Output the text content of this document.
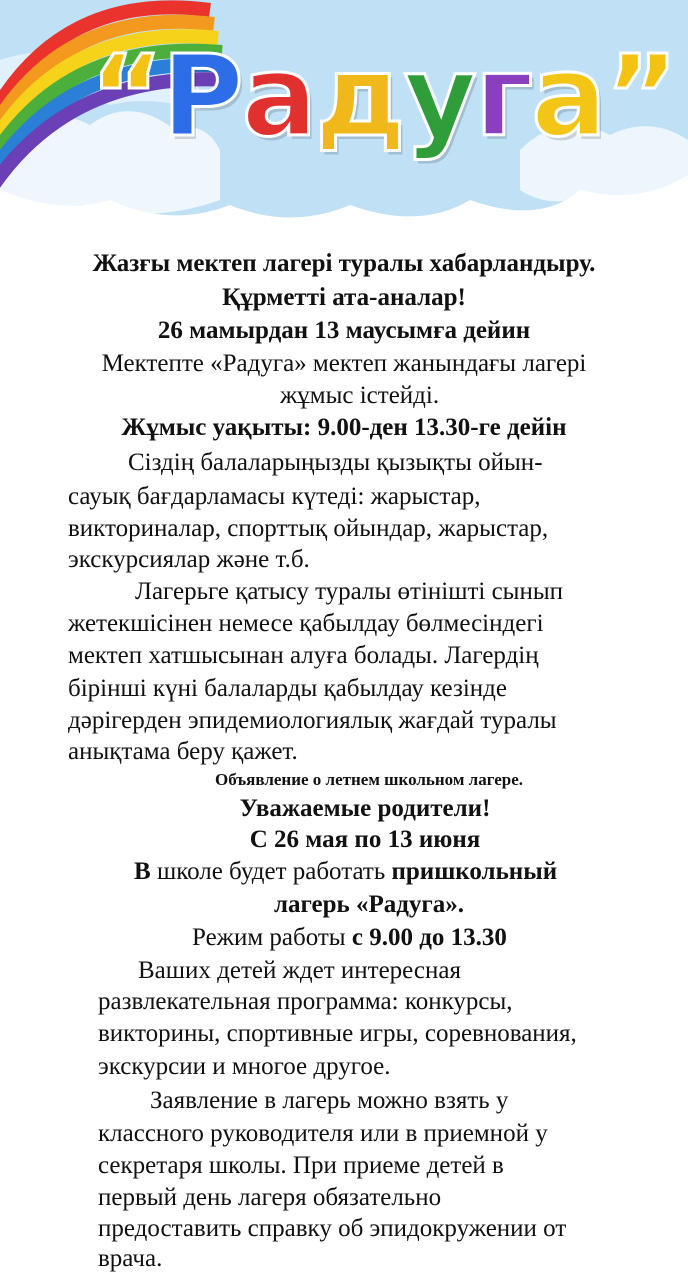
“Радуга”

Жазғы мектеп лагері туралы хабарландыру.

Құрметті ата-аналар!

26 мамырдан 13 маусымға дейин

Мектепте «Радуга» мектеп жанындағы лагері

жұмыс істейді.

Жұмыс уақыты: 9.00-ден 13.30-ге дейін

Сіздің балаларыңызды қызықты ойын-

сауық бағдарламасы күтеді: жарыстар,

викториналар, спорттық ойындар, жарыстар,

экскурсиялар және т.б.

Лагерьге қатысу туралы өтінішті сынып

жетекшісінен немесе қабылдау бөлмесіндегі

мектеп хатшысынан алуға болады. Лагердің

бірінші күні балаларды қабылдау кезінде

дәрігерден эпидемиологиялық жағдай туралы

анықтама беру қажет.

Объявление о летнем школьном лагере.

Уважаемые родители!

С 26 мая по 13 июня

В школе будет работать пришкольный

лагерь «Радуга».

Режим работы с 9.00 до 13.30

Ваших детей ждет интересная

развлекательная программа: конкурсы,

викторины, спортивные игры, соревнования,

экскурсии и многое другое.

Заявление в лагерь можно взять у

классного руководителя или в приемной у

секретаря школы. При приеме детей в

первый день лагеря обязательно

предоставить справку об эпидокружении от

врача.
